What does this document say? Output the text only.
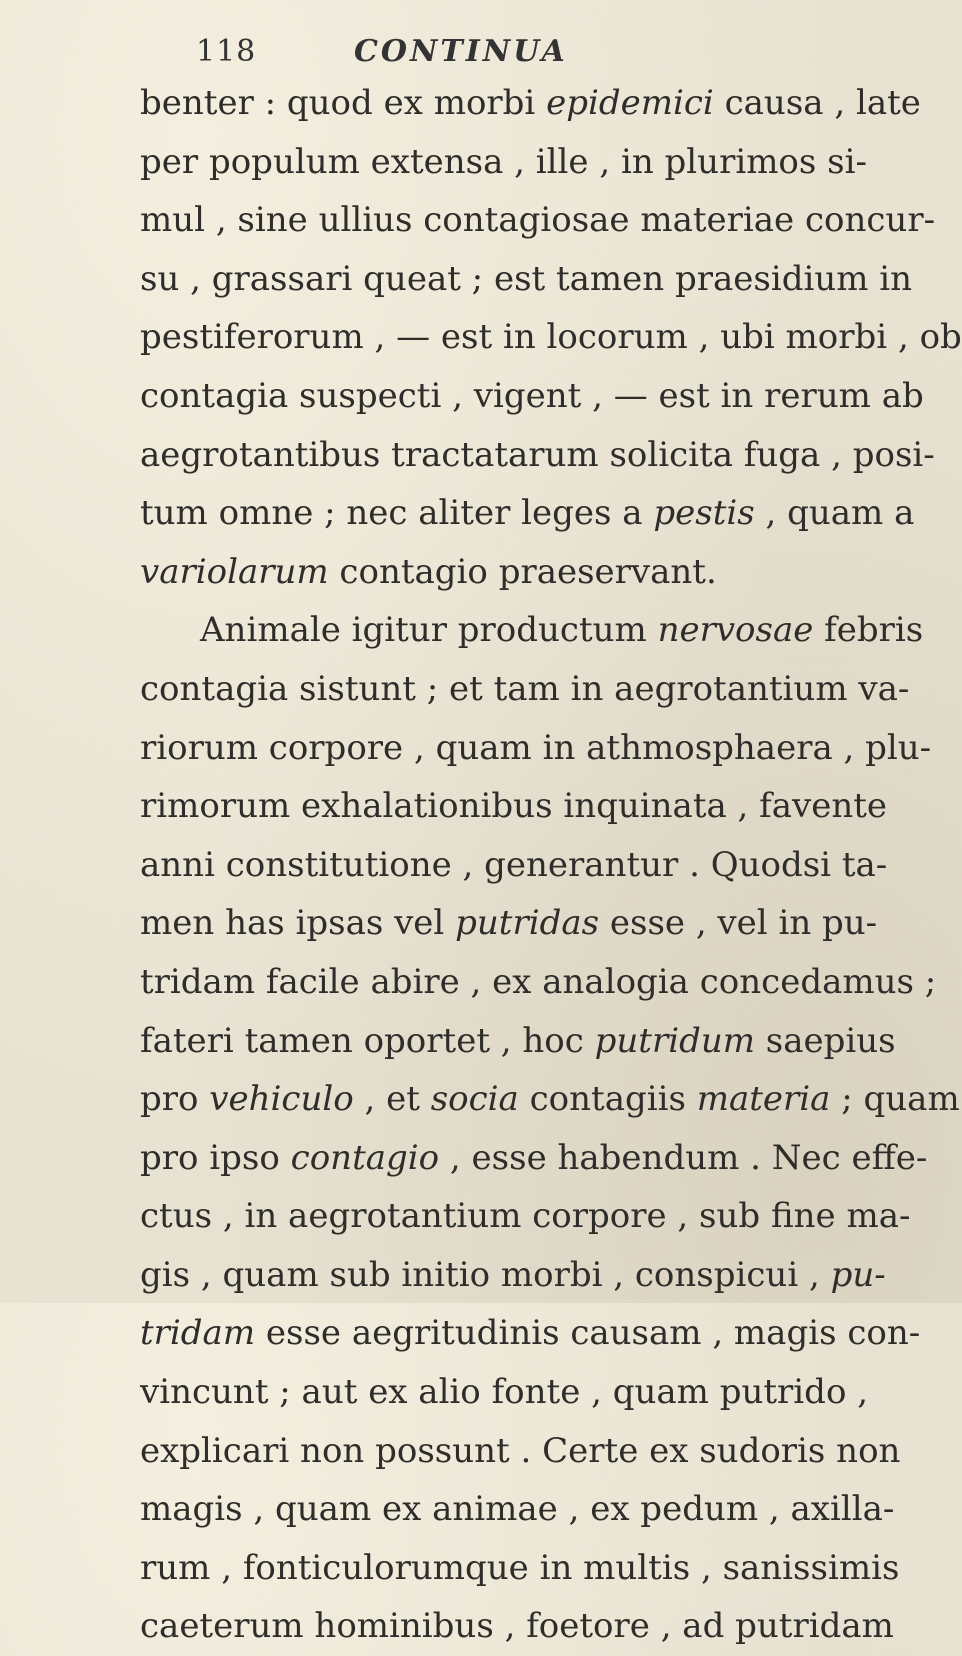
118	CONTINUA
benter : quod ex morbi epidemici causa , late
per populum extensa , ille , in plurimos si-
mul , sine ullius contagiosae materiae concur-
su , grassari queat ; est tamen praesidium in
pestiferorum , — est in locorum , ubi morbi , ob
contagia suspecti , vigent , — est in rerum ab
aegrotantibus tractatarum solicita fuga , posi-
tum omne ; nec aliter leges a pestis , quam a
variolarum contagio praeservant.
Animale igitur productum nervosae febris
contagia sistunt ; et tam in aegrotantium va-
riorum corpore , quam in athmosphaera , plu-
rimorum exhalationibus inquinata , favente
anni constitutione , generantur . Quodsi ta-
men has ipsas vel putridas esse , vel in pu-
tridam facile abire , ex analogia concedamus ;
fateri tamen oportet , hoc putridum saepius
pro vehiculo , et socia contagiis materia ; quam
pro ipso contagio , esse habendum . Nec effe-
ctus , in aegrotantium corpore , sub fine ma-
gis , quam sub initio morbi , conspicui , pu-
tridam esse aegritudinis causam , magis con-
vincunt ; aut ex alio fonte , quam putrido ,
explicari non possunt . Certe ex sudoris non
magis , quam ex animae , ex pedum , axilla-
rum , fonticulorumque in multis , sanissimis
caeterum hominibus , foetore , ad putridam
